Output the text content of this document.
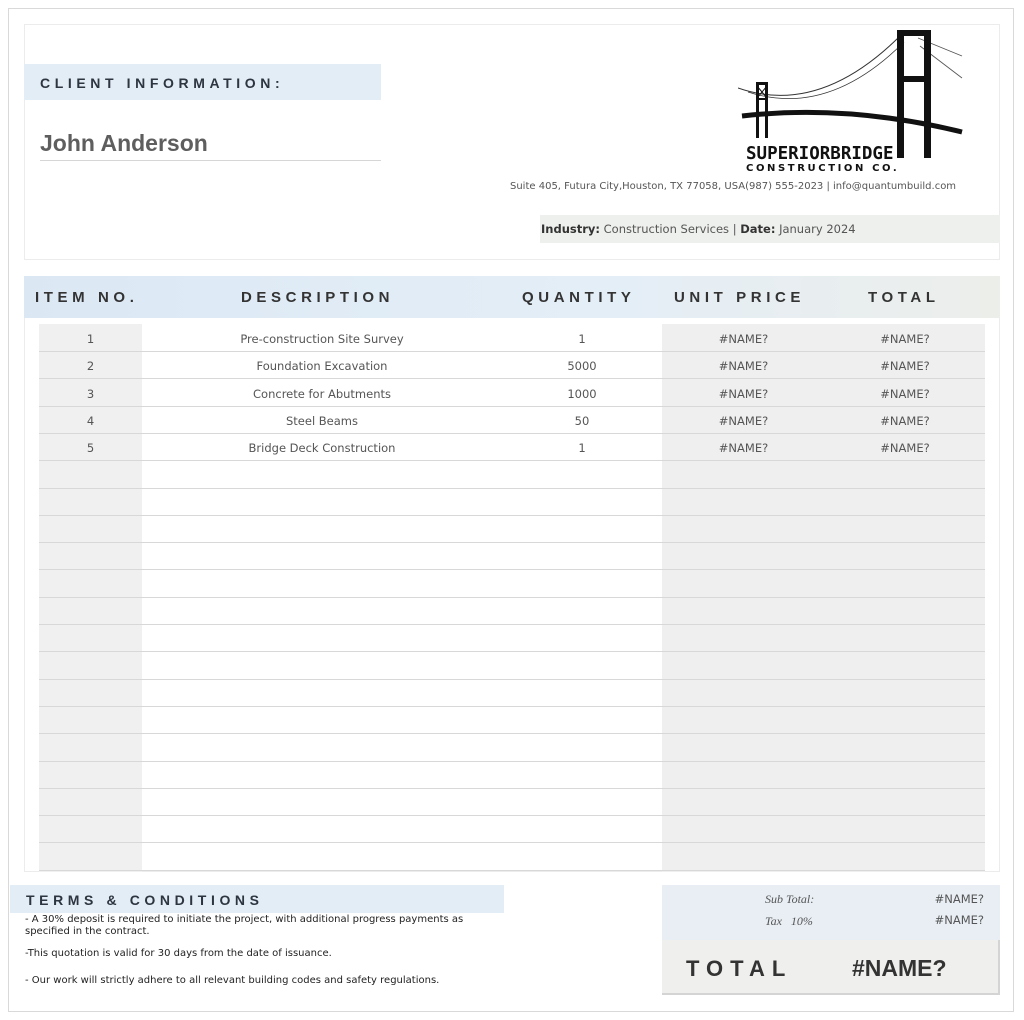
CLIENT INFORMATION:
John Anderson	SUPERIORBRIDGE
CONSTRUCTION CO.
Suite 405, Futura City,Houston, TX 77058, USA(987) 555-2023 | info@quantumbuild.com
Industry: Construction Services | Date: January 2024
ITEM NO.	DESCRIPTION	QUANTITY	UNIT PRICE	TOTAL
1	Pre-construction Site Survey	1	#NAME?	#NAME?
2	Foundation Excavation	5000	#NAME?	#NAME?
3	Concrete for Abutments	1000	#NAME?	#NAME?
4	Steel Beams	50	#NAME?	#NAME?
5	Bridge Deck Construction	1	#NAME?	#NAME?
TERMS & CONDITIONS
- A 30% deposit is required to initiate the project, with additional progress payments as specified in the contract.
-This quotation is valid for 30 days from the date of issuance.
- Our work will strictly adhere to all relevant building codes and safety regulations.
Sub Total:	#NAME?
Tax 10%	#NAME?
TOTAL	#NAME?
